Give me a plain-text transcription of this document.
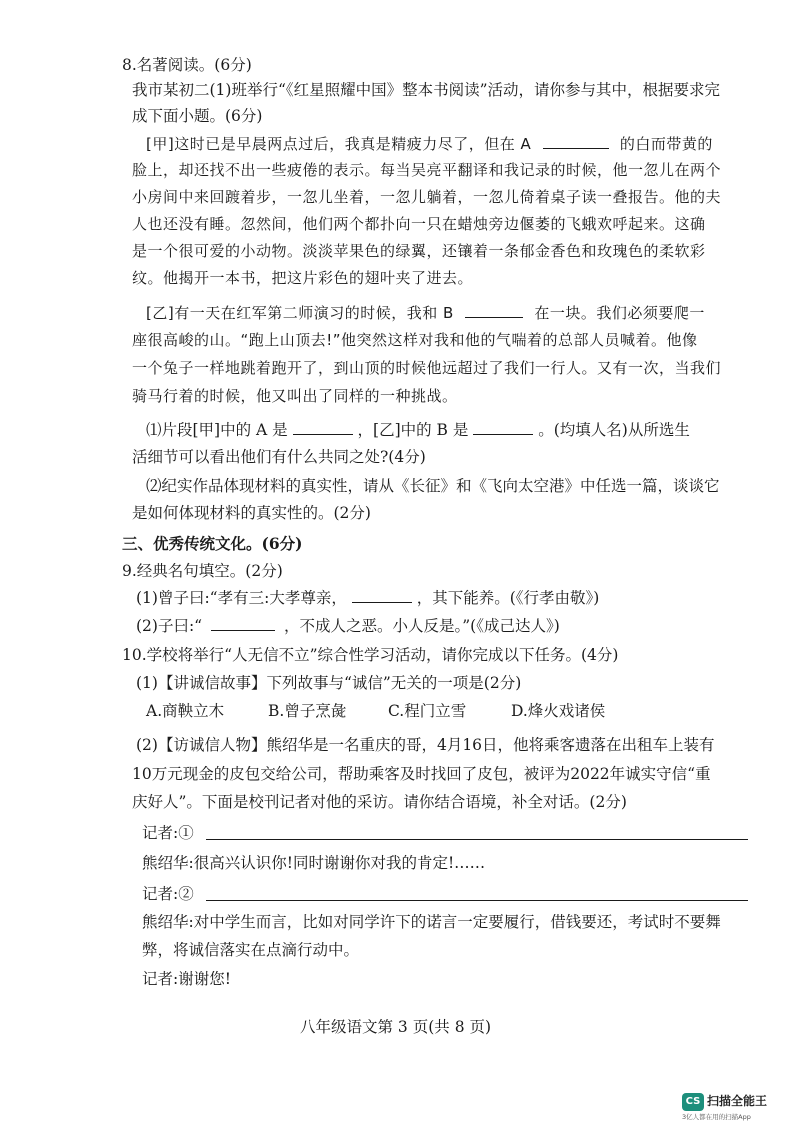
8.名著阅读。(6分)
我市某初二(1)班举行“《红星照耀中国》整本书阅读”活动，请你参与其中，根据要求完
成下面小题。(6分)
[甲]这时已是早晨两点过后，我真是精疲力尽了，但在 A	的白而带黄的
脸上，却还找不出一些疲倦的表示。每当吴亮平翻译和我记录的时候，他一忽儿在两个
小房间中来回踱着步，一忽儿坐着，一忽儿躺着，一忽儿倚着桌子读一叠报告。他的夫
人也还没有睡。忽然间，他们两个都扑向一只在蜡烛旁边偃萎的飞蛾欢呼起来。这确
是一个很可爱的小动物。淡淡苹果色的绿翼，还镶着一条郁金香色和玫瑰色的柔软彩
纹。他揭开一本书，把这片彩色的翅叶夹了进去。
[乙]有一天在红军第二师演习的时候，我和 B	在一块。我们必须要爬一
座很高峻的山。“跑上山顶去!”他突然这样对我和他的气喘着的总部人员喊着。他像
一个兔子一样地跳着跑开了，到山顶的时候他远超过了我们一行人。又有一次，当我们
骑马行着的时候，他又叫出了同样的一种挑战。
⑴片段[甲]中的 A 是	，[乙]中的 B 是	。(均填人名)从所选生
活细节可以看出他们有什么共同之处?(4分)
⑵纪实作品体现材料的真实性，请从《长征》和《飞向太空港》中任选一篇，谈谈它
是如何体现材料的真实性的。(2分)
三、优秀传统文化。(6分)
9.经典名句填空。(2分)
(1)曾子曰:“孝有三:大孝尊亲，	，其下能养。(《行孝由敬》)
(2)子曰:“	，不成人之恶。小人反是。”(《成己达人》)
10.学校将举行“人无信不立”综合性学习活动，请你完成以下任务。(4分)
(1)【讲诚信故事】下列故事与“诚信”无关的一项是(2分)
A.商鞅立木	B.曾子烹彘	C.程门立雪	D.烽火戏诸侯
(2)【访诚信人物】熊绍华是一名重庆的哥，4月16日，他将乘客遗落在出租车上装有
10万元现金的皮包交给公司，帮助乘客及时找回了皮包，被评为2022年诚实守信“重
庆好人”。下面是校刊记者对他的采访。请你结合语境，补全对话。(2分)
记者:①
熊绍华:很高兴认识你!同时谢谢你对我的肯定!……
记者:②
熊绍华:对中学生而言，比如对同学许下的诺言一定要履行，借钱要还，考试时不要舞
弊，将诚信落实在点滴行动中。
记者:谢谢您!
八年级语文第 3 页(共 8 页)
CS 扫描全能王
3亿人都在用的扫描App
